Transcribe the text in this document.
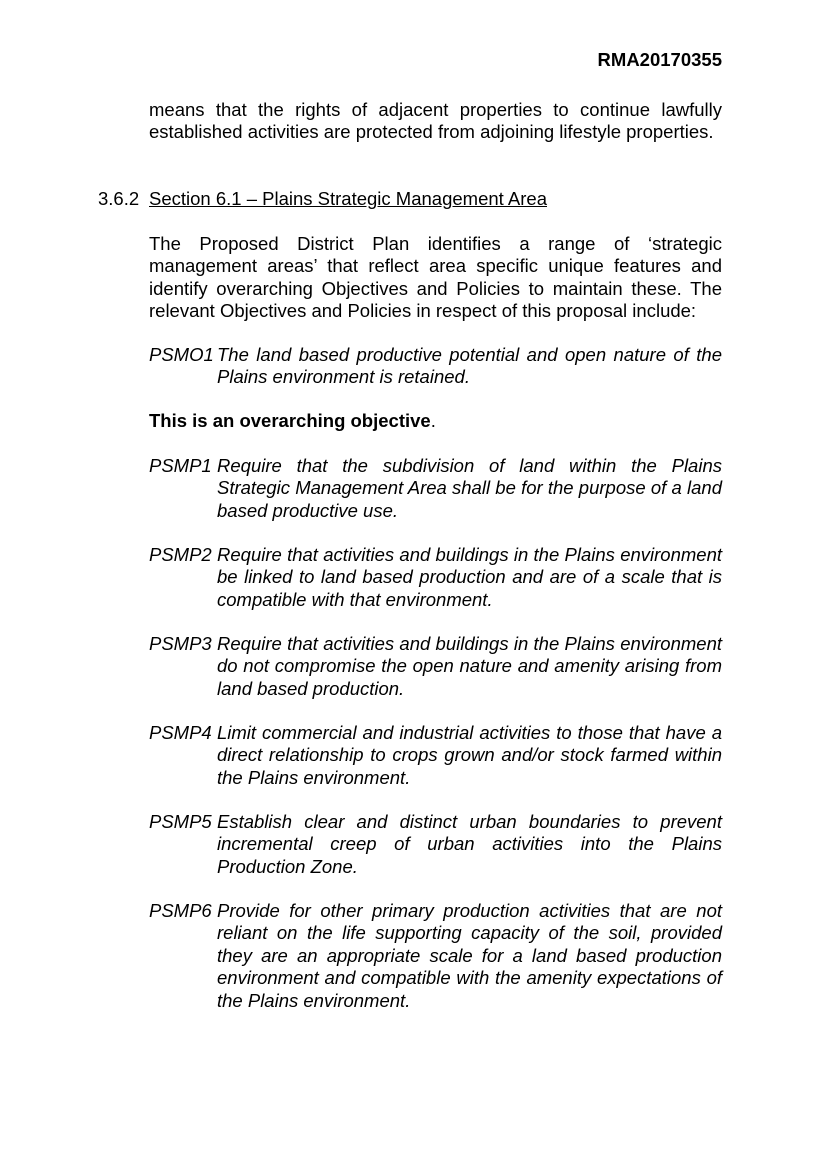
RMA20170355

means that the rights of adjacent properties to continue lawfully established activities are protected from adjoining lifestyle properties.

3.6.2 Section 6.1 – Plains Strategic Management Area

The Proposed District Plan identifies a range of ‘strategic management areas’ that reflect area specific unique features and identify overarching Objectives and Policies to maintain these. The relevant Objectives and Policies in respect of this proposal include:

PSMO1 The land based productive potential and open nature of the Plains environment is retained.
This is an overarching objective.
PSMP1 Require that the subdivision of land within the Plains Strategic Management Area shall be for the purpose of a land based productive use.
PSMP2 Require that activities and buildings in the Plains environment be linked to land based production and are of a scale that is compatible with that environment.
PSMP3 Require that activities and buildings in the Plains environment do not compromise the open nature and amenity arising from land based production.
PSMP4 Limit commercial and industrial activities to those that have a direct relationship to crops grown and/or stock farmed within the Plains environment.
PSMP5 Establish clear and distinct urban boundaries to prevent incremental creep of urban activities into the Plains Production Zone.
PSMP6 Provide for other primary production activities that are not reliant on the life supporting capacity of the soil, provided they are an appropriate scale for a land based production environment and compatible with the amenity expectations of the Plains environment.
